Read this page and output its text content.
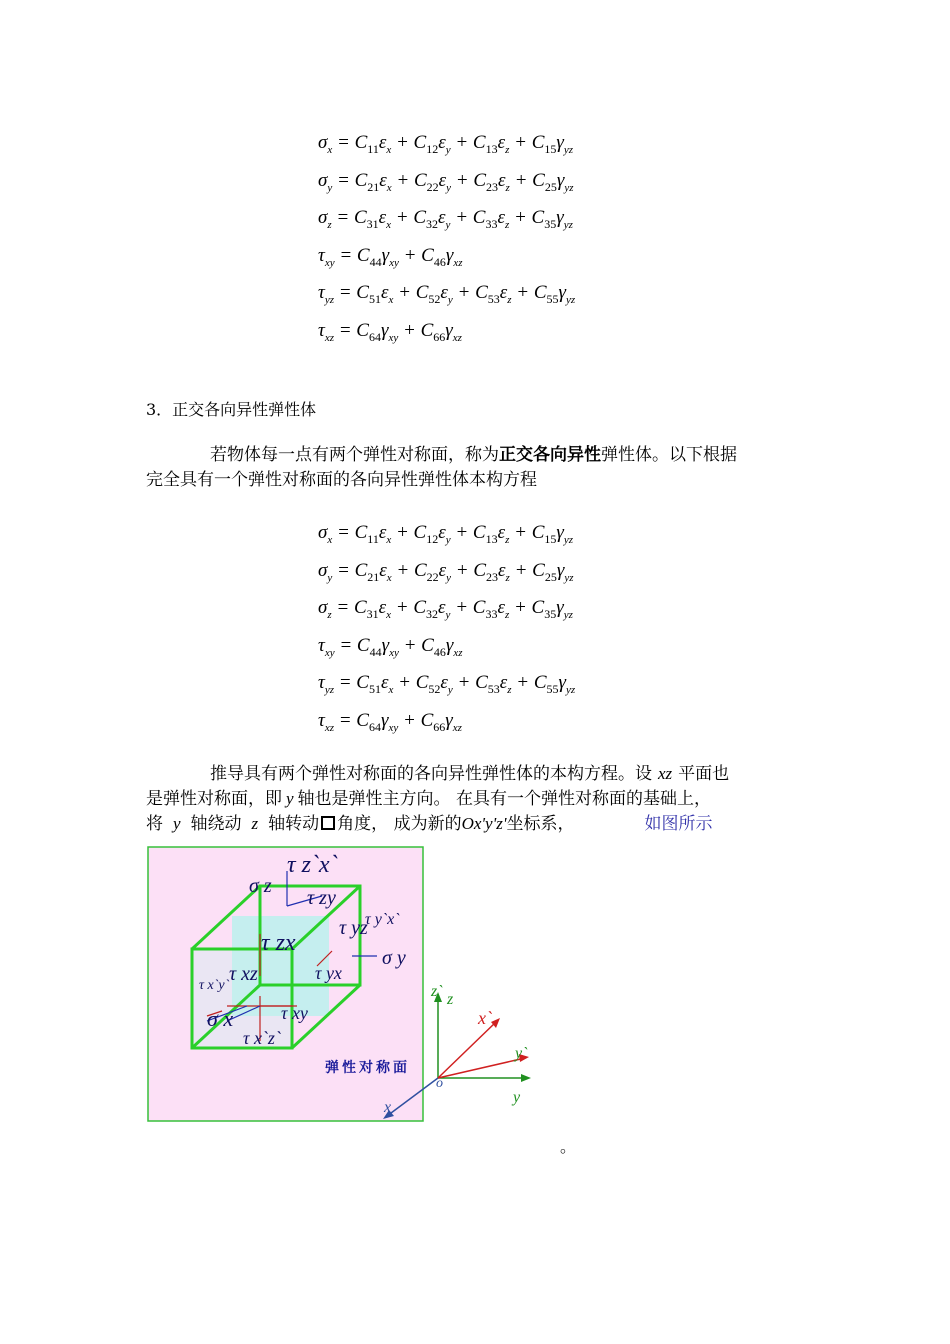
$\sigma_x = C_{11}\varepsilon_x + C_{12}\varepsilon_y + C_{13}\varepsilon_z + C_{15}\gamma_{yz}$
$\sigma_y = C_{21}\varepsilon_x + C_{22}\varepsilon_y + C_{23}\varepsilon_z + C_{25}\gamma_{yz}$
$\sigma_z = C_{31}\varepsilon_x + C_{32}\varepsilon_y + C_{33}\varepsilon_z + C_{35}\gamma_{yz}$
$\tau_{xy} = C_{44}\gamma_{xy} + C_{46}\gamma_{xz}$
$\tau_{yz} = C_{51}\varepsilon_x + C_{52}\varepsilon_y + C_{53}\varepsilon_z + C_{55}\gamma_{yz}$
$\tau_{xz} = C_{64}\gamma_{xy} + C_{66}\gamma_{xz}$
3．正交各向异性弹性体
若物体每一点有两个弹性对称面，称为正交各向异性弹性体。以下根据
完全具有一个弹性对称面的各向异性弹性体本构方程
$\sigma_x = C_{11}\varepsilon_x + C_{12}\varepsilon_y + C_{13}\varepsilon_z + C_{15}\gamma_{yz}$
$\sigma_y = C_{21}\varepsilon_x + C_{22}\varepsilon_y + C_{23}\varepsilon_z + C_{25}\gamma_{yz}$
$\sigma_z = C_{31}\varepsilon_x + C_{32}\varepsilon_y + C_{33}\varepsilon_z + C_{35}\gamma_{yz}$
$\tau_{xy} = C_{44}\gamma_{xy} + C_{46}\gamma_{xz}$
$\tau_{yz} = C_{51}\varepsilon_x + C_{52}\varepsilon_y + C_{53}\varepsilon_z + C_{55}\gamma_{yz}$
$\tau_{xz} = C_{64}\gamma_{xy} + C_{66}\gamma_{xz}$
推导具有两个弹性对称面的各向异性弹性体的本构方程。设 xz 平面也
是弹性对称面，即 y 轴也是弹性主方向。 在具有一个弹性对称面的基础上，
将 y 轴绕动 z 轴转动 角度， 成为新的Ox'y'z'坐标系，	如图所示
τ z`x`
σ z
τ zy
τ y`x`
τ yz
σ y
τ zx
τ yx
τ xz
τ x`y`
σ x	τ xy
τ x`z`
弹性对称面
z` z
x`
y`
o
x
y
。
